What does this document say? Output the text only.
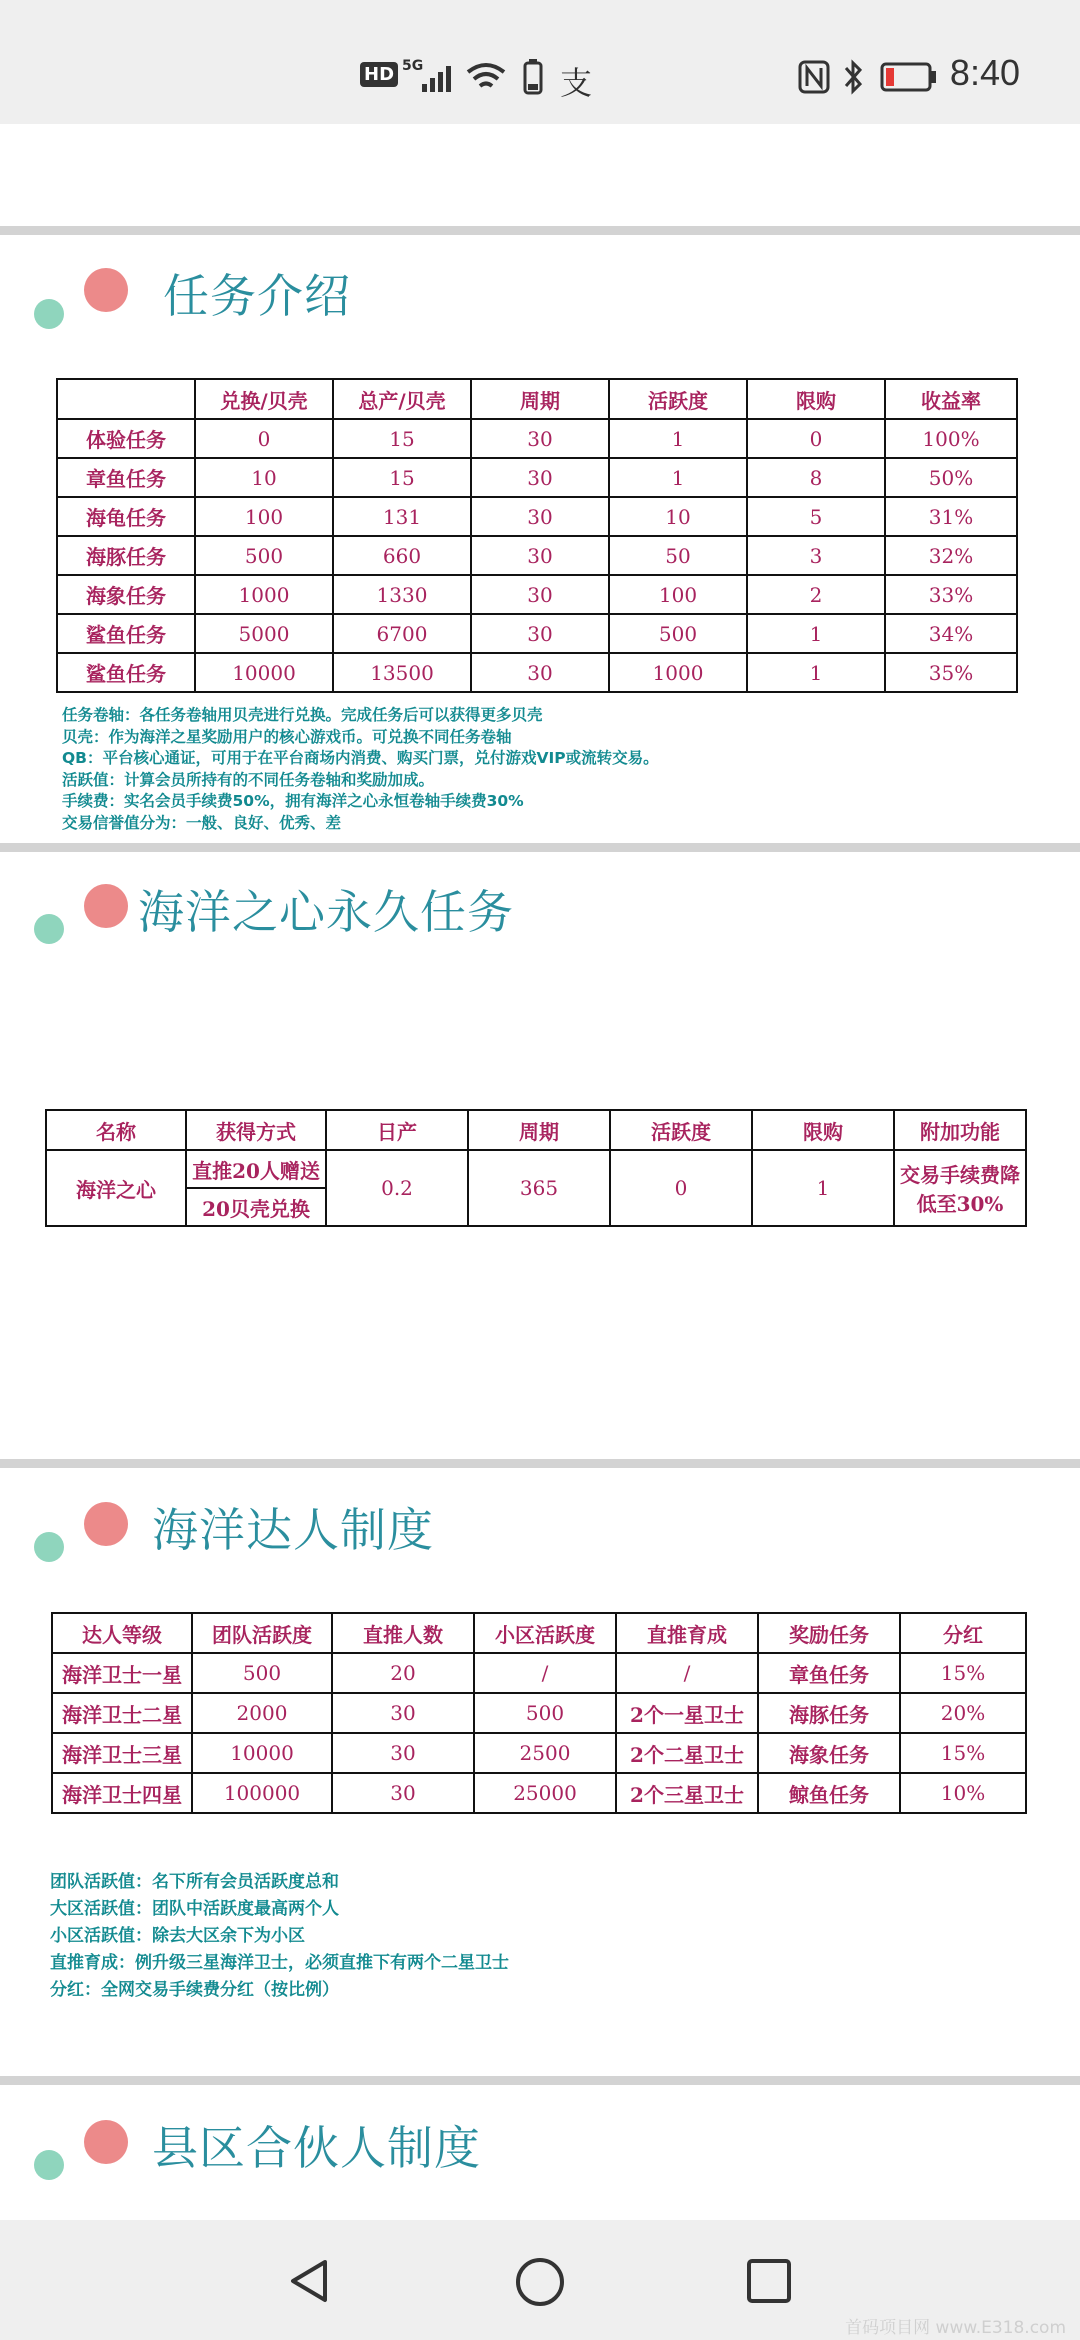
HD 5G	支	8:40
任务介绍
	兑换/贝壳	总产/贝壳	周期	活跃度	限购	收益率
体验任务	0	15	30	1	0	100%
章鱼任务	10	15	30	1	8	50%
海龟任务	100	131	30	10	5	31%
海豚任务	500	660	30	50	3	32%
海象任务	1000	1330	30	100	2	33%
鲨鱼任务	5000	6700	30	500	1	34%
鲨鱼任务	10000	13500	30	1000	1	35%
任务卷轴：各任务卷轴用贝壳进行兑换。完成任务后可以获得更多贝壳
贝壳：作为海洋之星奖励用户的核心游戏币。可兑换不同任务卷轴
QB：平台核心通证，可用于在平台商场内消费、购买门票，兑付游戏VIP或流转交易。
活跃值：计算会员所持有的不同任务卷轴和奖励加成。
手续费：实名会员手续费50%，拥有海洋之心永恒卷轴手续费30%
交易信誉值分为：一般、良好、优秀、差
海洋之心永久任务
名称	获得方式	日产	周期	活跃度	限购	附加功能
海洋之心	直推20人赠送	0.2	365	0	1	交易手续费降
低至30%

	20贝壳兑换					
海洋达人制度
达人等级	团队活跃度	直推人数	小区活跃度	直推育成	奖励任务	分红
海洋卫士一星	500	20	/	/	章鱼任务	15%
海洋卫士二星	2000	30	500	2个一星卫士	海豚任务	20%
海洋卫士三星	10000	30	2500	2个二星卫士	海象任务	15%
海洋卫士四星	100000	30	25000	2个三星卫士	鲸鱼任务	10%
团队活跃值：名下所有会员活跃度总和
大区活跃值：团队中活跃度最高两个人
小区活跃值：除去大区余下为小区
直推育成：例升级三星海洋卫士，必须直推下有两个二星卫士
分红：全网交易手续费分红（按比例）
县区合伙人制度
首码项目网 www.E318.com
